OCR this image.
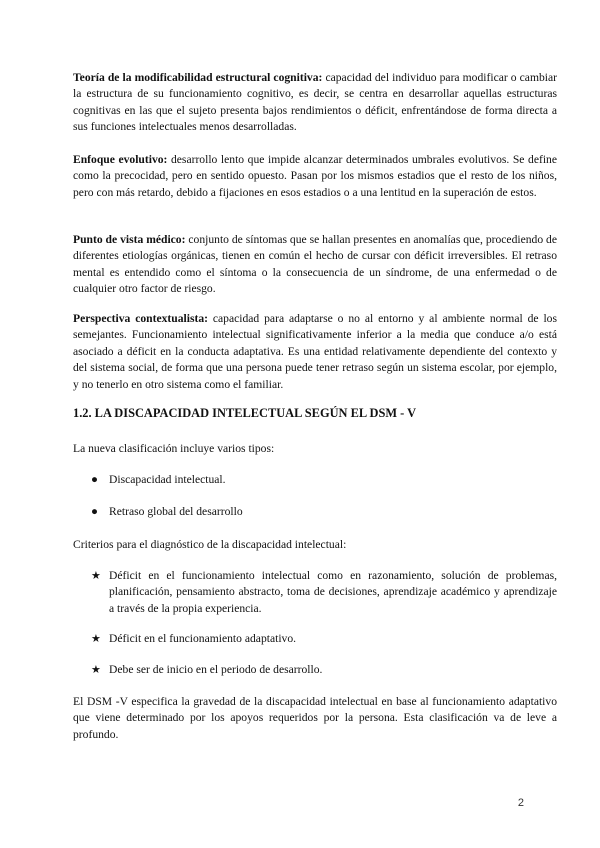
Teoría de la modificabilidad estructural cognitiva: capacidad del individuo para modificar o cambiar la estructura de su funcionamiento cognitivo, es decir, se centra en desarrollar aquellas estructuras cognitivas en las que el sujeto presenta bajos rendimientos o déficit, enfrentándose de forma directa a sus funciones intelectuales menos desarrolladas.

Enfoque evolutivo: desarrollo lento que impide alcanzar determinados umbrales evolutivos. Se define como la precocidad, pero en sentido opuesto. Pasan por los mismos estadios que el resto de los niños, pero con más retardo, debido a fijaciones en esos estadios o a una lentitud en la superación de estos.

Punto de vista médico: conjunto de síntomas que se hallan presentes en anomalías que, procediendo de diferentes etiologías orgánicas, tienen en común el hecho de cursar con déficit irreversibles. El retraso mental es entendido como el síntoma o la consecuencia de un síndrome, de una enfermedad o de cualquier otro factor de riesgo.

Perspectiva contextualista: capacidad para adaptarse o no al entorno y al ambiente normal de los semejantes. Funcionamiento intelectual significativamente inferior a la media que conduce a/o está asociado a déficit en la conducta adaptativa. Es una entidad relativamente dependiente del contexto y del sistema social, de forma que una persona puede tener retraso según un sistema escolar, por ejemplo, y no tenerlo en otro sistema como el familiar.

1.2. LA DISCAPACIDAD INTELECTUAL SEGÚN EL DSM - V

La nueva clasificación incluye varios tipos:

● Discapacidad intelectual.
● Retraso global del desarrollo

Criterios para el diagnóstico de la discapacidad intelectual:

★ Déficit en el funcionamiento intelectual como en razonamiento, solución de problemas, planificación, pensamiento abstracto, toma de decisiones, aprendizaje académico y aprendizaje a través de la propia experiencia.
★ Déficit en el funcionamiento adaptativo.
★ Debe ser de inicio en el periodo de desarrollo.

El DSM -V especifica la gravedad de la discapacidad intelectual en base al funcionamiento adaptativo que viene determinado por los apoyos requeridos por la persona. Esta clasificación va de leve a profundo.

2
